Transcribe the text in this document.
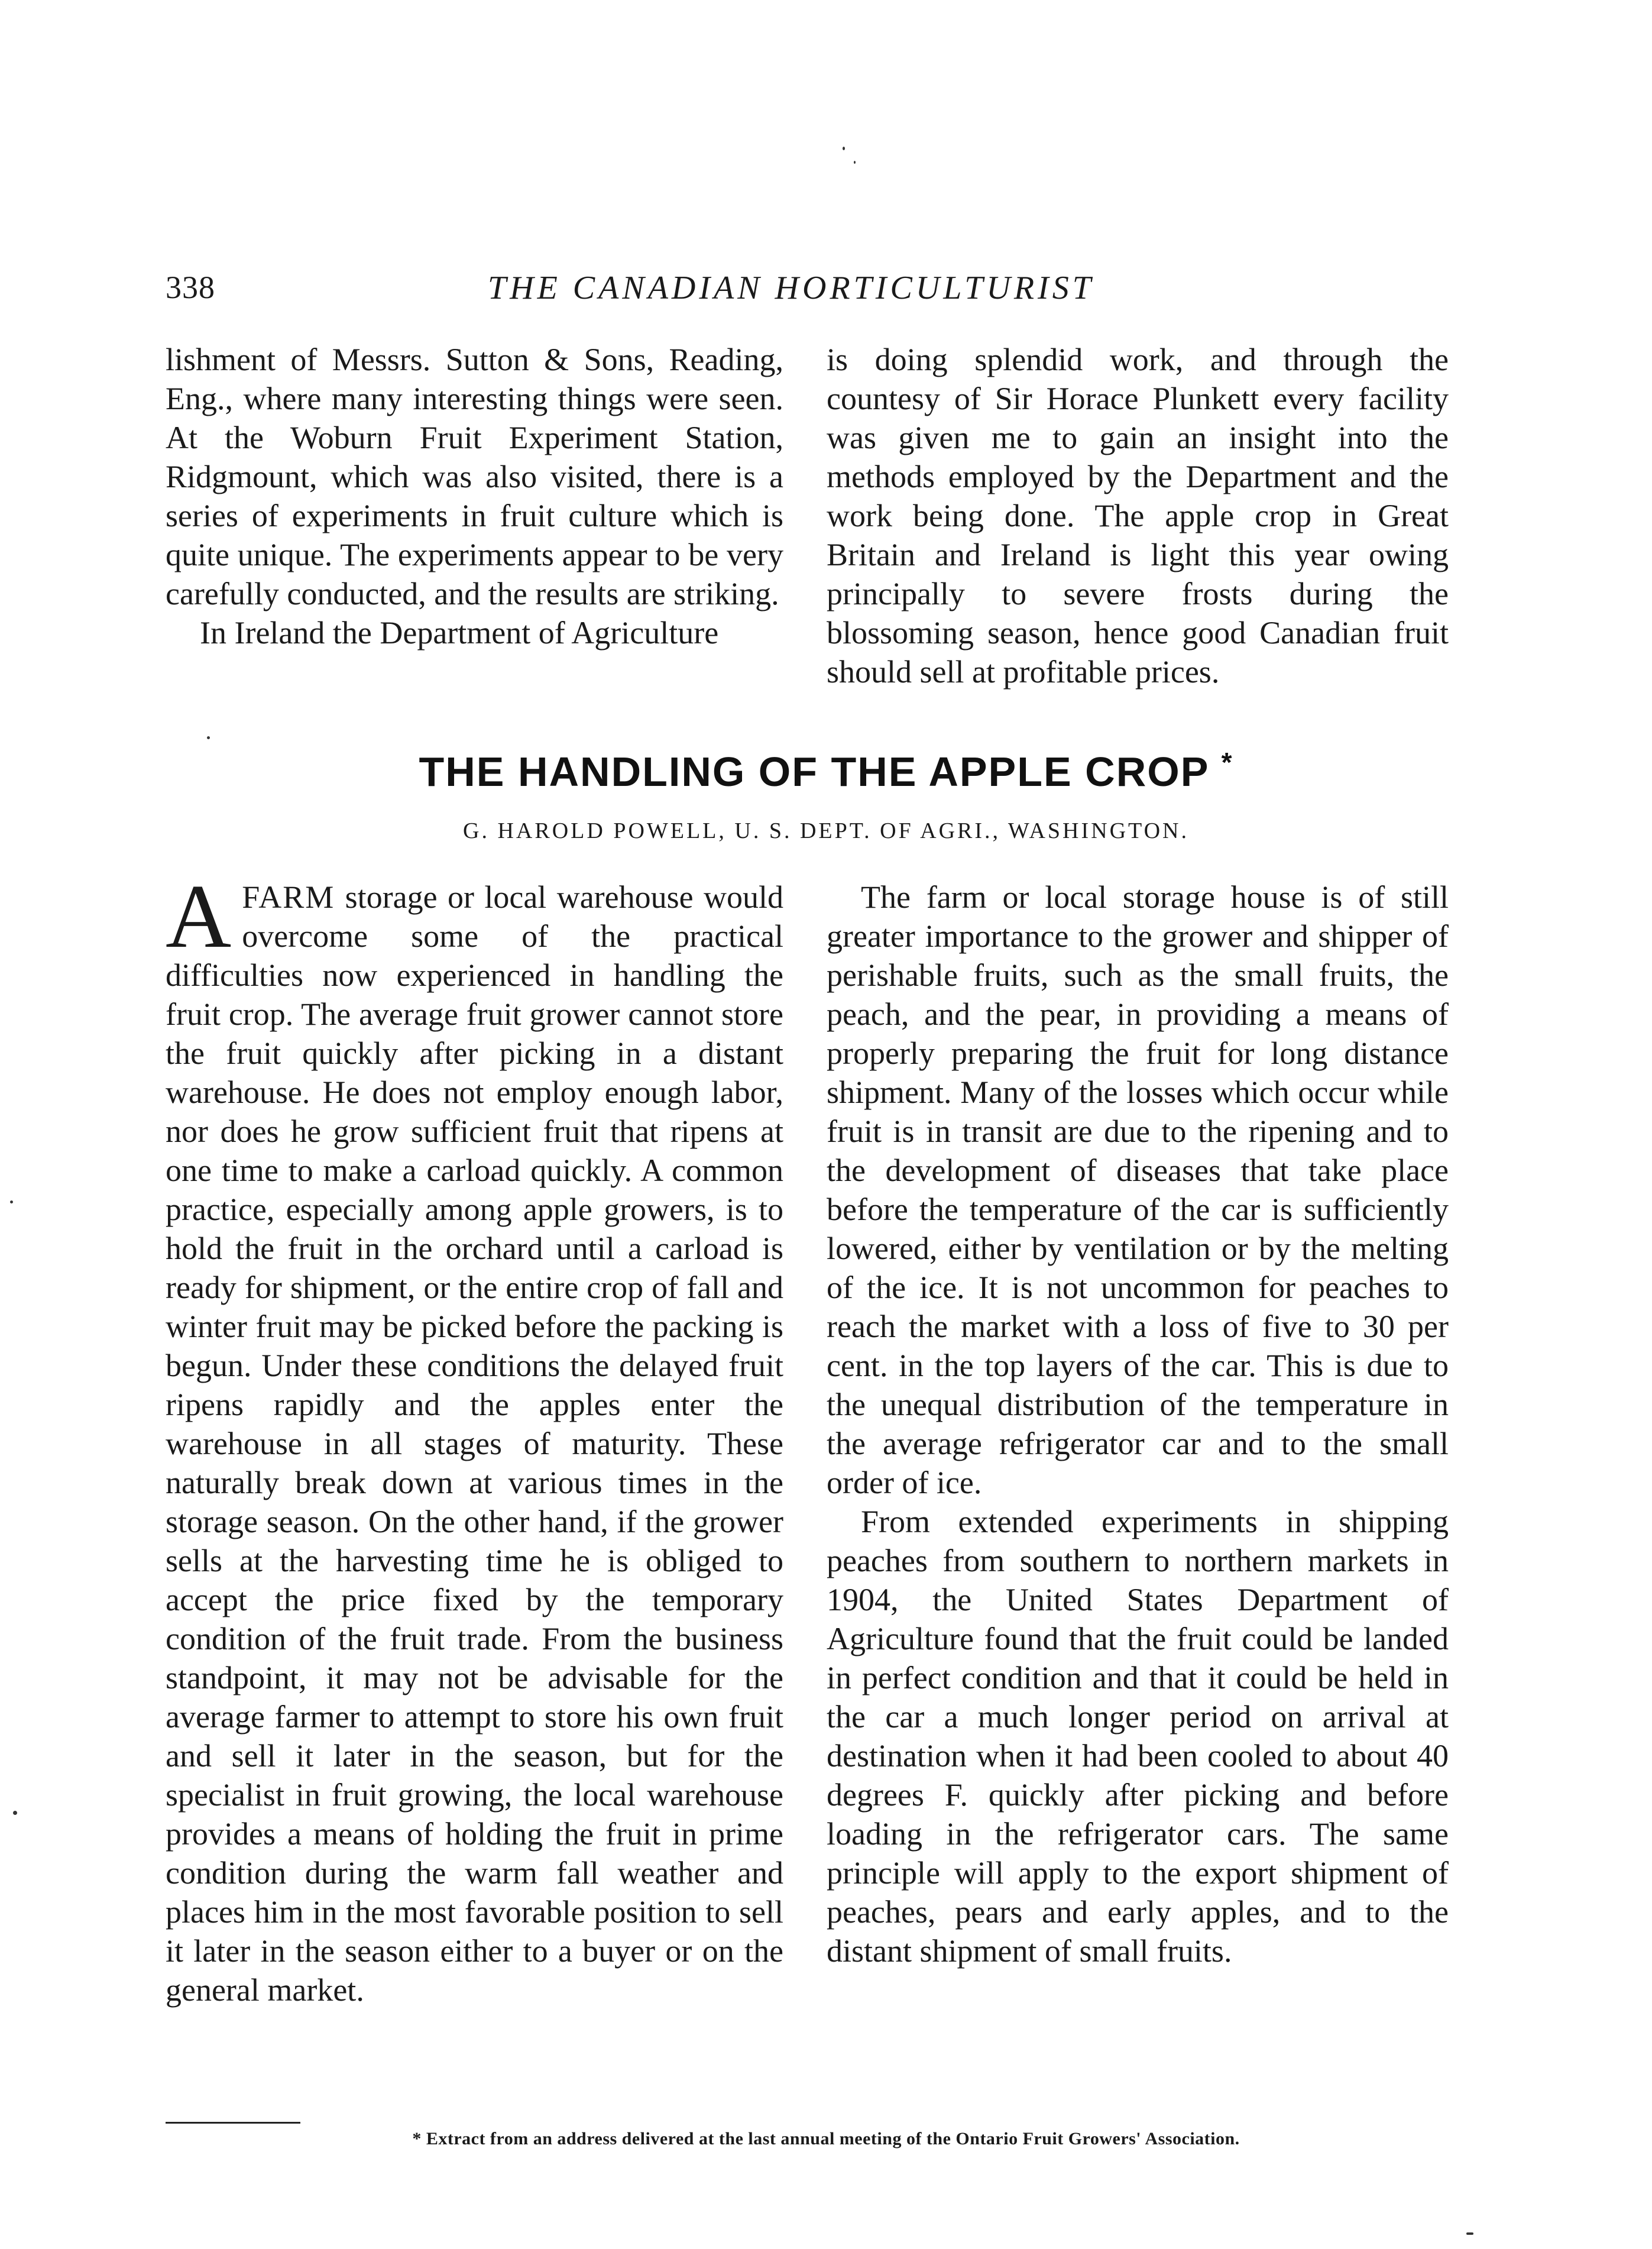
338	THE CANADIAN HORTICULTURIST

lishment of Messrs. Sutton & Sons, Reading, Eng., where many interesting things were seen. At the Woburn Fruit Experiment Station, Ridgmount, which was also visited, there is a series of experiments in fruit culture which is quite unique. The experiments appear to be very carefully conducted, and the results are striking.

In Ireland the Department of Agriculture

is doing splendid work, and through the countesy of Sir Horace Plunkett every facility was given me to gain an insight into the methods employed by the Department and the work being done. The apple crop in Great Britain and Ireland is light this year owing principally to severe frosts during the blossoming season, hence good Canadian fruit should sell at profitable prices.

THE HANDLING OF THE APPLE CROP *
G. HAROLD POWELL, U. S. DEPT. OF AGRI., WASHINGTON.

AFARM storage or local warehouse would overcome some of the practical difficulties now experienced in handling the fruit crop. The average fruit grower cannot store the fruit quickly after picking in a distant warehouse. He does not employ enough labor, nor does he grow sufficient fruit that ripens at one time to make a carload quickly. A common practice, especially among apple growers, is to hold the fruit in the orchard until a carload is ready for shipment, or the entire crop of fall and winter fruit may be picked before the packing is begun. Under these conditions the delayed fruit ripens rapidly and the apples enter the warehouse in all stages of maturity. These naturally break down at various times in the storage season. On the other hand, if the grower sells at the harvesting time he is obliged to accept the price fixed by the temporary condition of the fruit trade. From the business standpoint, it may not be advisable for the average farmer to attempt to store his own fruit and sell it later in the season, but for the specialist in fruit growing, the local warehouse provides a means of holding the fruit in prime condition during the warm fall weather and places him in the most favorable position to sell it later in the season either to a buyer or on the general market.

The farm or local storage house is of still greater importance to the grower and shipper of perishable fruits, such as the small fruits, the peach, and the pear, in providing a means of properly preparing the fruit for long distance shipment. Many of the losses which occur while fruit is in transit are due to the ripening and to the development of diseases that take place before the temperature of the car is sufficiently lowered, either by ventilation or by the melting of the ice. It is not uncommon for peaches to reach the market with a loss of five to 30 per cent. in the top layers of the car. This is due to the unequal distribution of the temperature in the average refrigerator car and to the small order of ice.

From extended experiments in shipping peaches from southern to northern markets in 1904, the United States Department of Agriculture found that the fruit could be landed in perfect condition and that it could be held in the car a much longer period on arrival at destination when it had been cooled to about 40 degrees F. quickly after picking and before loading in the refrigerator cars. The same principle will apply to the export shipment of peaches, pears and early apples, and to the distant shipment of small fruits.

* Extract from an address delivered at the last annual meeting of the Ontario Fruit Growers' Association.
